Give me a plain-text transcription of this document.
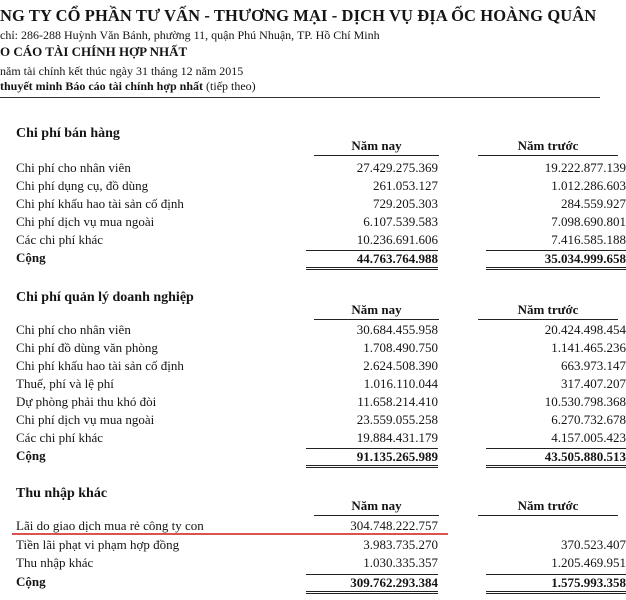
NG TY CỔ PHẦN TƯ VẤN - THƯƠNG MẠI - DỊCH VỤ ĐỊA ỐC HOÀNG QUÂN
chỉ: 286-288 Huỳnh Văn Bánh, phường 11, quận Phú Nhuận, TP. Hồ Chí Minh
O CÁO TÀI CHÍNH HỢP NHẤT
năm tài chính kết thúc ngày 31 tháng 12 năm 2015
thuyết minh Báo cáo tài chính hợp nhất (tiếp theo)
Chi phí bán hàng
Năm nay	Năm trước
Chi phí cho nhân viên	27.429.275.369	19.222.877.139
Chi phí dụng cụ, đồ dùng	261.053.127	1.012.286.603
Chi phí khấu hao tài sản cố định	729.205.303	284.559.927
Chi phí dịch vụ mua ngoài	6.107.539.583	7.098.690.801
Các chi phí khác	10.236.691.606	7.416.585.188
Cộng	44.763.764.988	35.034.999.658
Chi phí quản lý doanh nghiệp
Năm nay	Năm trước
Chi phí cho nhân viên	30.684.455.958	20.424.498.454
Chi phí đồ dùng văn phòng	1.708.490.750	1.141.465.236
Chi phí khấu hao tài sản cố định	2.624.508.390	663.973.147
Thuế, phí và lệ phí	1.016.110.044	317.407.207
Dự phòng phải thu khó đòi	11.658.214.410	10.530.798.368
Chi phí dịch vụ mua ngoài	23.559.055.258	6.270.732.678
Các chi phí khác	19.884.431.179	4.157.005.423
Cộng	91.135.265.989	43.505.880.513
Thu nhập khác
Năm nay	Năm trước
Lãi do giao dịch mua rẻ công ty con	304.748.222.757
Tiền lãi phạt vi phạm hợp đồng	3.983.735.270	370.523.407
Thu nhập khác	1.030.335.357	1.205.469.951
Cộng	309.762.293.384	1.575.993.358
